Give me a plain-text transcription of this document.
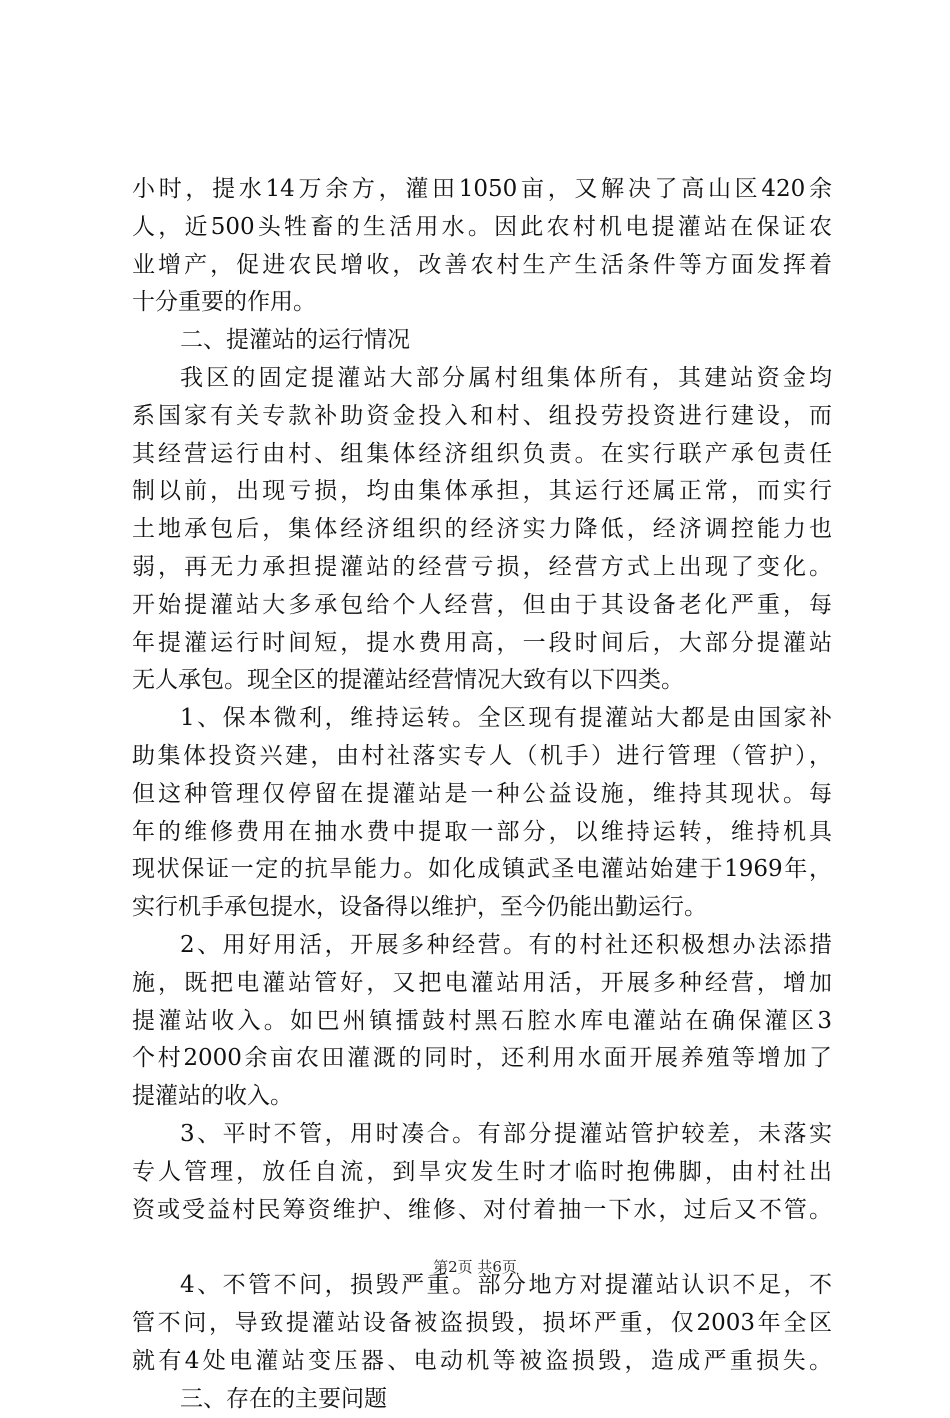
小时，提水14万余方，灌田1050亩，又解决了高山区420余
人，近500头牲畜的生活用水。因此农村机电提灌站在保证农
业增产，促进农民增收，改善农村生产生活条件等方面发挥着
十分重要的作用。
二、提灌站的运行情况
我区的固定提灌站大部分属村组集体所有，其建站资金均
系国家有关专款补助资金投入和村、组投劳投资进行建设，而
其经营运行由村、组集体经济组织负责。在实行联产承包责任
制以前，出现亏损，均由集体承担，其运行还属正常，而实行
土地承包后，集体经济组织的经济实力降低，经济调控能力也
弱，再无力承担提灌站的经营亏损，经营方式上出现了变化。
开始提灌站大多承包给个人经营，但由于其设备老化严重，每
年提灌运行时间短，提水费用高，一段时间后，大部分提灌站
无人承包。现全区的提灌站经营情况大致有以下四类。
1、保本微利，维持运转。全区现有提灌站大都是由国家补
助集体投资兴建，由村社落实专人（机手）进行管理（管护），
但这种管理仅停留在提灌站是一种公益设施，维持其现状。每
年的维修费用在抽水费中提取一部分，以维持运转，维持机具
现状保证一定的抗旱能力。如化成镇武圣电灌站始建于1969年，
实行机手承包提水，设备得以维护，至今仍能出勤运行。
2、用好用活，开展多种经营。有的村社还积极想办法添措
施，既把电灌站管好，又把电灌站用活，开展多种经营，增加
提灌站收入。如巴州镇擂鼓村黑石腔水库电灌站在确保灌区3
个村2000余亩农田灌溉的同时，还利用水面开展养殖等增加了
提灌站的收入。
3、平时不管，用时凑合。有部分提灌站管护较差，未落实
专人管理，放任自流，到旱灾发生时才临时抱佛脚，由村社出
资或受益村民筹资维护、维修、对付着抽一下水，过后又不管。
第2页 共6页
4、不管不问，损毁严重。部分地方对提灌站认识不足，不
管不问，导致提灌站设备被盗损毁，损坏严重，仅2003年全区
就有4处电灌站变压器、电动机等被盗损毁，造成严重损失。
三、存在的主要问题
